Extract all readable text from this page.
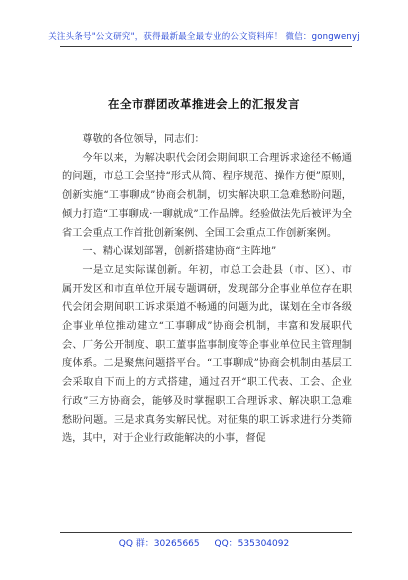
关注头条号"公文研究"，获得最新最全最专业的公文资料库！ 微信：gongwenyj
在全市群团改革推进会上的汇报发言

尊敬的各位领导，同志们：

今年以来，为解决职代会闭会期间职工合理诉求途径不畅通的问题，市总工会坚持“形式从简、程序规范、操作方便”原则，创新实施“工事聊成”协商会机制，切实解决职工急难愁盼问题，倾力打造“工事聊成·一聊就成”工作品牌。经验做法先后被评为全省工会重点工作首批创新案例、全国工会重点工作创新案例。

一、精心谋划部署，创新搭建协商“主阵地”

一是立足实际谋创新。年初，市总工会赴县（市、区）、市属开发区和市直单位开展专题调研，发现部分企事业单位存在职代会闭会期间职工诉求渠道不畅通的问题为此，谋划在全市各级企事业单位推动建立“工事聊成”协商会机制，丰富和发展职代会、厂务公开制度、职工董事监事制度等企事业单位民主管理制度体系。二是聚焦问题搭平台。“工事聊成”协商会机制由基层工会采取自下而上的方式搭建，通过召开“职工代表、工会、企业行政”三方协商会，能够及时掌握职工合理诉求、解决职工急难愁盼问题。三是求真务实解民忧。对征集的职工诉求进行分类筛选，其中，对于企业行政能解决的小事，督促

QQ 群：30265665 QQ：535304092
